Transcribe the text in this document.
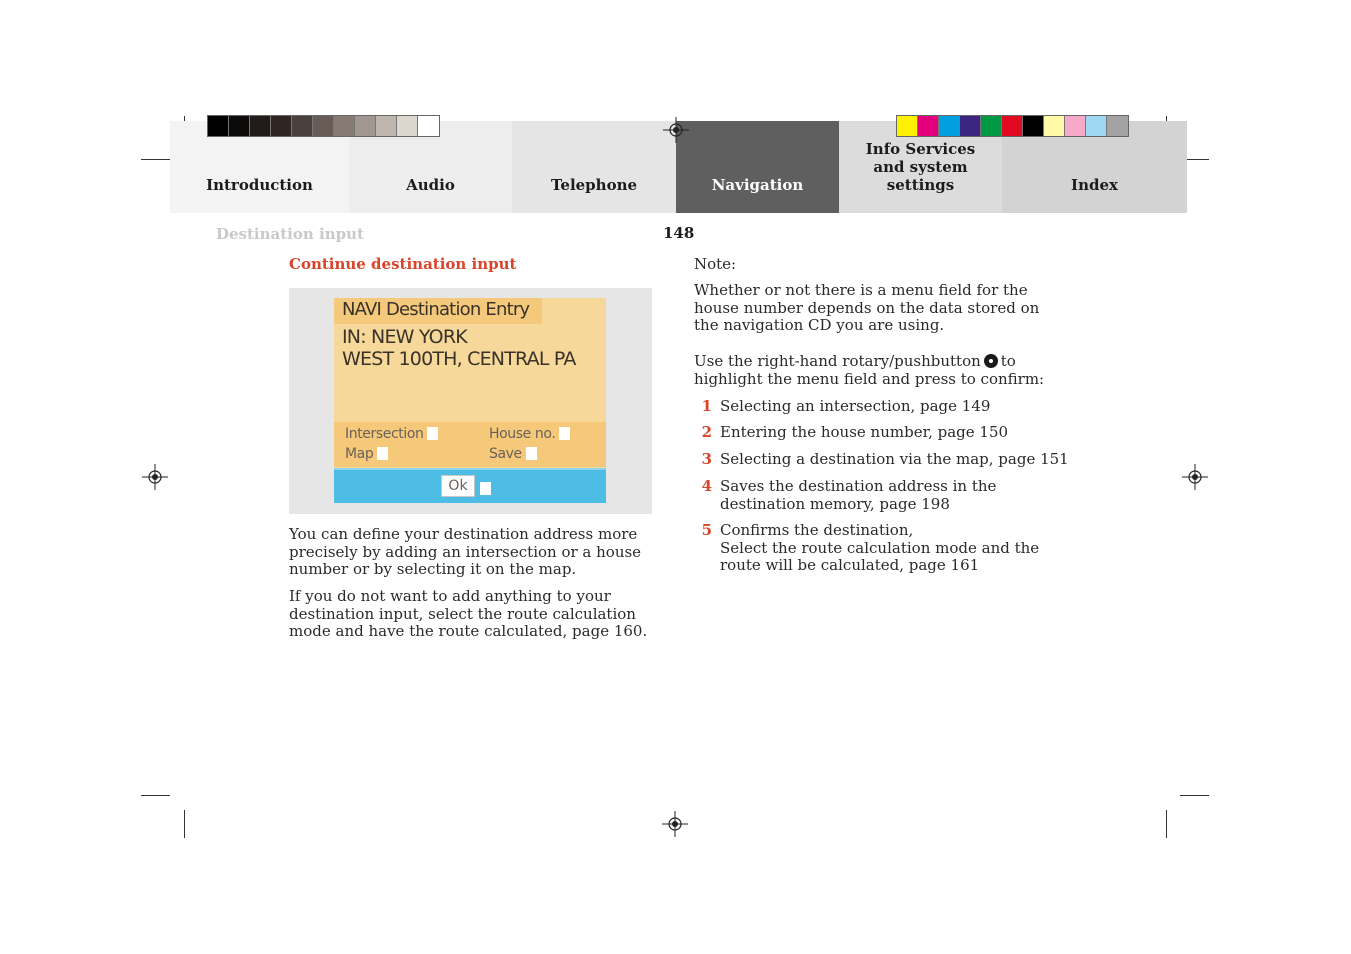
Introduction	Audio	Telephone	Navigation
Info Services and system settings	Index
Destination input	148
Continue destination input
NAVI Destination Entry
IN: NEW YORK
WEST 100TH, CENTRAL PA
Intersection	House no.
Map	Save
Ok
You can define your destination address more precisely by adding an intersection or a house number or by selecting it on the map.
If you do not want to add anything to your destination input, select the route calculation mode and have the route calculated, page 160.
Note:
Whether or not there is a menu field for the house number depends on the data stored on the navigation CD you are using.
Use the right-hand rotary/pushbutton to highlight the menu field and press to confirm:
1 Selecting an intersection, page 149
2 Entering the house number, page 150
3 Selecting a destination via the map, page 151
4 Saves the destination address in the destination memory, page 198
5 Confirms the destination,
Select the route calculation mode and the route will be calculated, page 161
